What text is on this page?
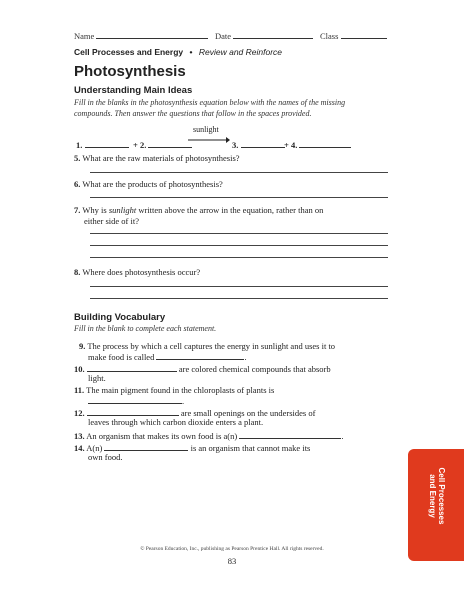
Name	Date	Class
Cell Processes and Energy • Review and Reinforce
Photosynthesis
Understanding Main Ideas
Fill in the blanks in the photosynthesis equation below with the names of the missing compounds. Then answer the questions that follow in the spaces provided.
sunlight
1.	+ 2.	3.	+ 4.
5. What are the raw materials of photosynthesis?
6. What are the products of photosynthesis?
7. Why is sunlight written above the arrow in the equation, rather than on
either side of it?
8. Where does photosynthesis occur?
Building Vocabulary
Fill in the blank to complete each statement.
9. The process by which a cell captures the energy in sunlight and uses it to
make food is called	.
10.	are colored chemical compounds that absorb
light.
11. The main pigment found in the chloroplasts of plants is
.
12.	are small openings on the undersides of
leaves through which carbon dioxide enters a plant.
13. An organism that makes its own food is a(n)	.
14. A(n)	is an organism that cannot make its
own food.
Cell Processes
and Energy
© Pearson Education, Inc., publishing as Pearson Prentice Hall. All rights reserved.
83
